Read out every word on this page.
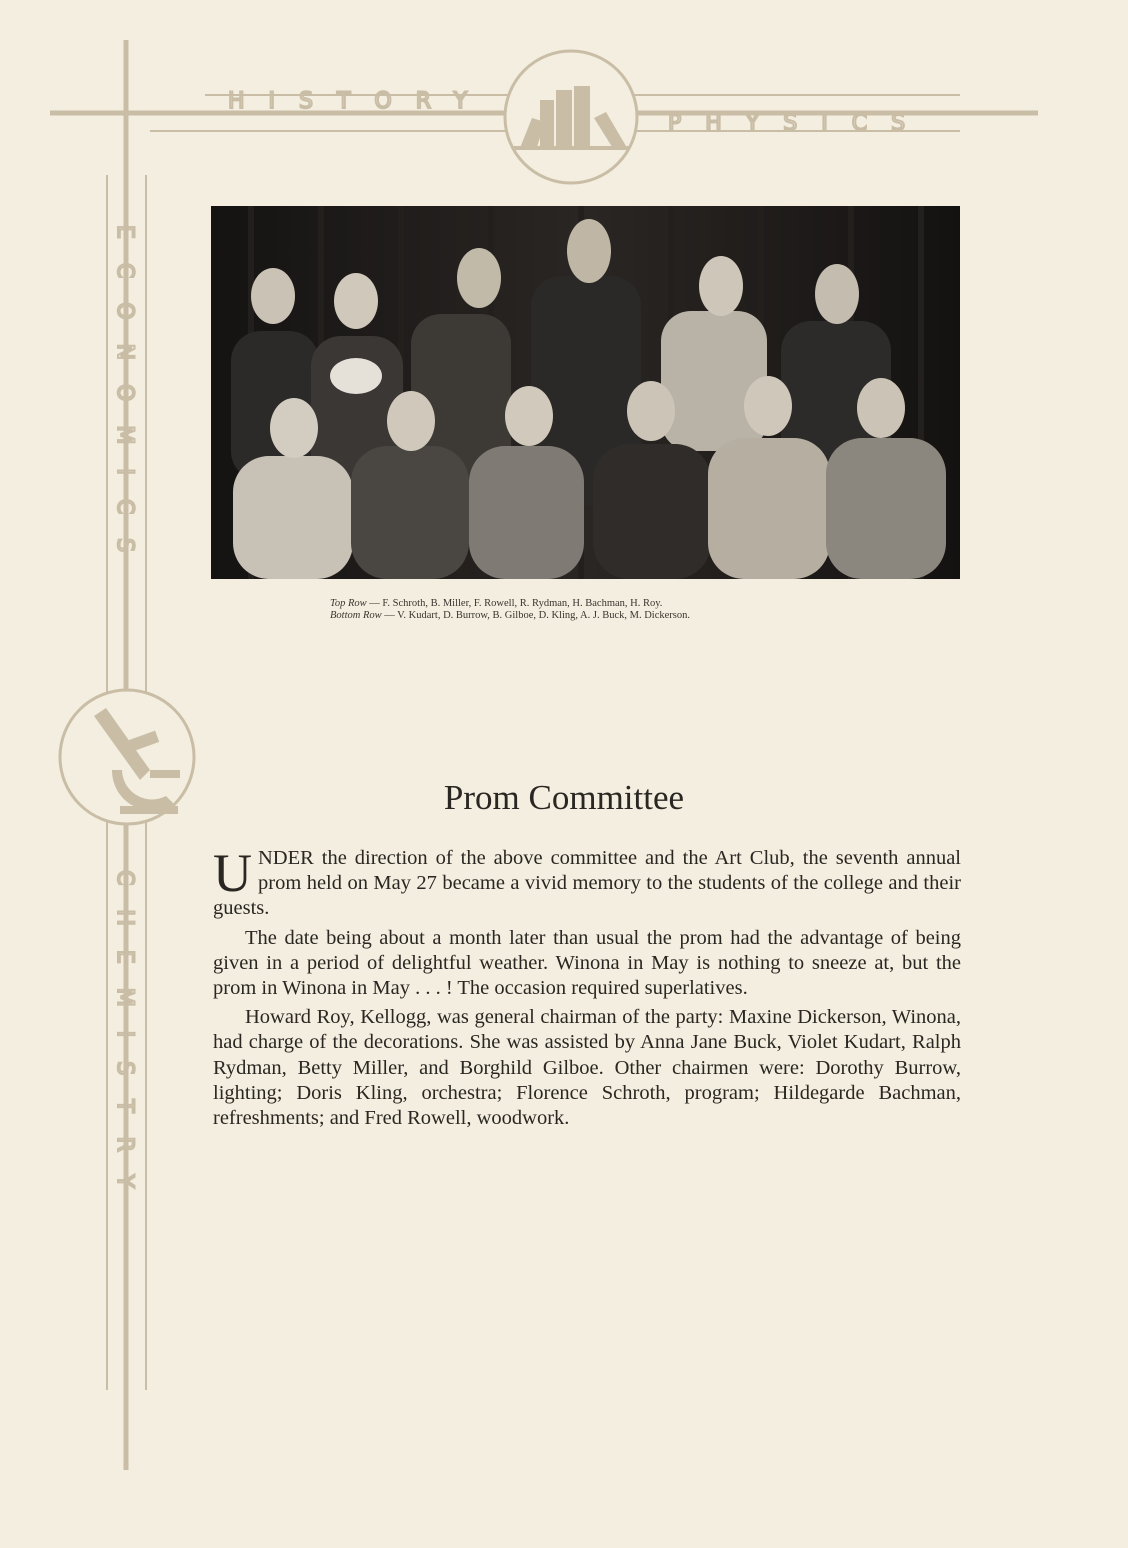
HISTORY
PHYSICS
ECONOMICS
CHEMISTRY
Top Row — F. Schroth, B. Miller, F. Rowell, R. Rydman, H. Bachman, H. Roy.
Bottom Row — V. Kudart, D. Burrow, B. Gilboe, D. Kling, A. J. Buck, M. Dickerson.
Prom Committee

UNDER the direction of the above committee and the Art Club, the seventh annual prom held on May 27 became a vivid memory to the students of the college and their guests.

The date being about a month later than usual the prom had the advantage of being given in a period of delightful weather. Winona in May is nothing to sneeze at, but the prom in Winona in May . . . ! The occasion required superlatives.

Howard Roy, Kellogg, was general chairman of the party: Maxine Dickerson, Winona, had charge of the decorations. She was assisted by Anna Jane Buck, Violet Kudart, Ralph Rydman, Betty Miller, and Borghild Gilboe. Other chairmen were: Dorothy Burrow, lighting; Doris Kling, orchestra; Florence Schroth, program; Hildegarde Bachman, refreshments; and Fred Rowell, woodwork.
